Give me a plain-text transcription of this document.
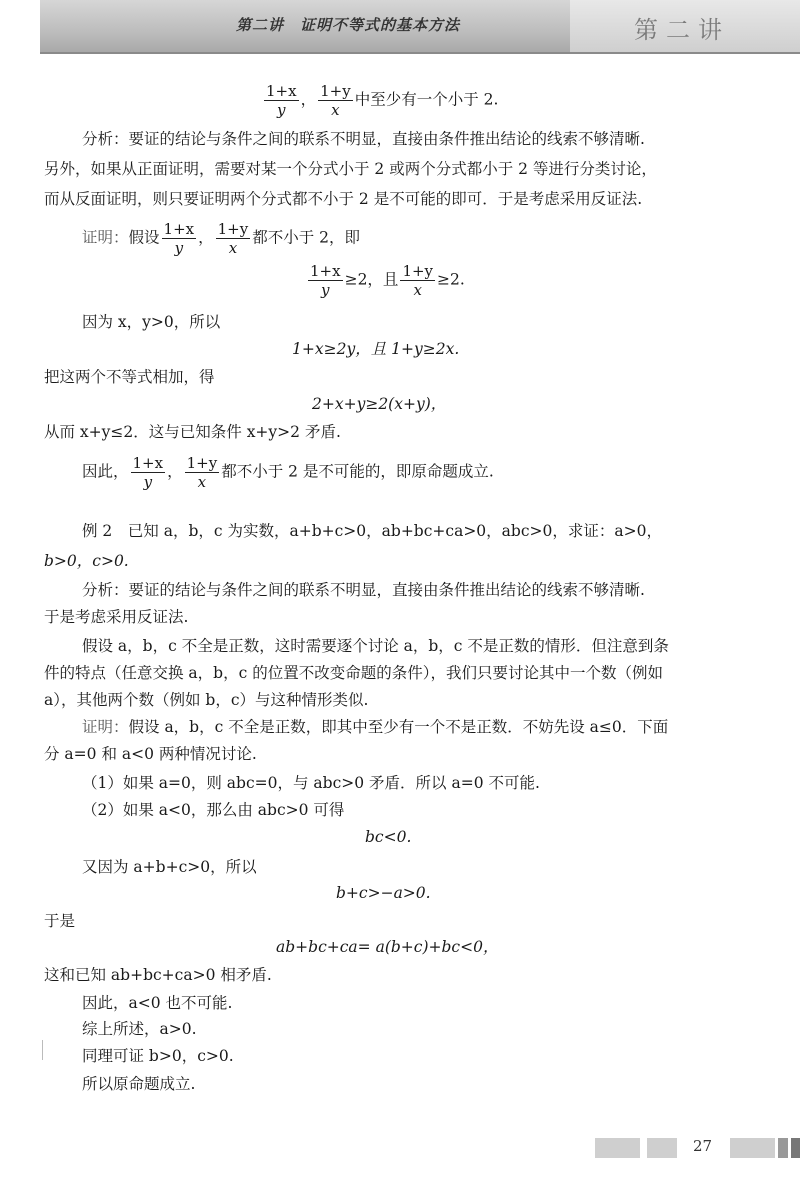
第二讲　证明不等式的基本方法	第二讲
$\frac{1+x}{y}$ ， $\frac{1+y}{x}$ 中至少有一个小于 2.
分析：要证的结论与条件之间的联系不明显，直接由条件推出结论的线索不够清晰.
另外，如果从正面证明，需要对某一个分式小于 2 或两个分式都小于 2 等进行分类讨论，
而从反面证明，则只要证明两个分式都不小于 2 是不可能的即可．于是考虑采用反证法.
证明：假设 $\frac{1+x}{y}$ ， $\frac{1+y}{x}$ 都不小于 2，即
$\frac{1+x}{y} \ge 2$，且 $\frac{1+y}{x} \ge 2$.
因为 x，y>0，所以
1+x≥2y，且 1+y≥2x.
把这两个不等式相加，得
2+x+y≥2(x+y)，
从而 x+y≤2．这与已知条件 x+y>2 矛盾.
因此， $\frac{1+x}{y}$ ， $\frac{1+y}{x}$ 都不小于 2 是不可能的，即原命题成立.
例 2　已知 a，b，c 为实数，a+b+c>0，ab+bc+ca>0，abc>0，求证：a>0，
b>0，c>0.
分析：要证的结论与条件之间的联系不明显，直接由条件推出结论的线索不够清晰.
于是考虑采用反证法.
假设 a，b，c 不全是正数，这时需要逐个讨论 a，b，c 不是正数的情形．但注意到条
件的特点（任意交换 a，b，c 的位置不改变命题的条件），我们只要讨论其中一个数（例如
a），其他两个数（例如 b，c）与这种情形类似.
证明：假设 a，b，c 不全是正数，即其中至少有一个不是正数．不妨先设 a≤0．下面
分 a=0 和 a<0 两种情况讨论.
（1）如果 a=0，则 abc=0，与 abc>0 矛盾．所以 a=0 不可能.
（2）如果 a<0，那么由 abc>0 可得
bc<0.
又因为 a+b+c>0，所以
b+c>−a>0.
于是
ab+bc+ca= a(b+c)+bc<0，
这和已知 ab+bc+ca>0 相矛盾.
因此，a<0 也不可能.
综上所述，a>0.
同理可证 b>0，c>0.
所以原命题成立.
27
